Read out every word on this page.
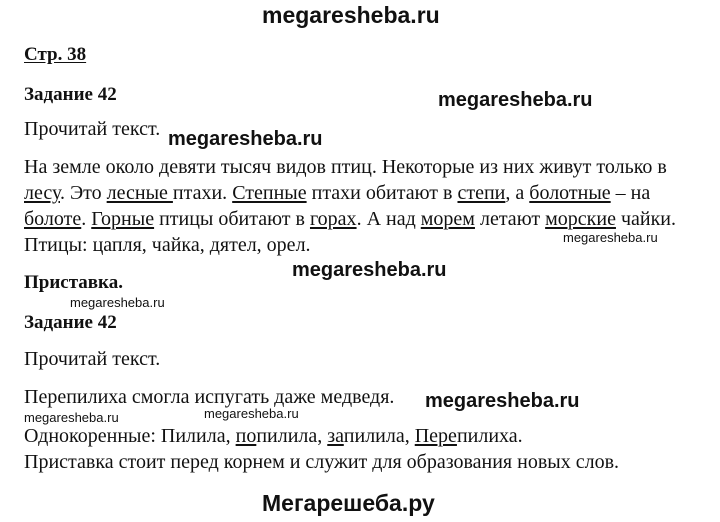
megaresheba.ru
Стр. 38
Задание 42	megaresheba.ru
Прочитай текст. megaresheba.ru
На земле около девяти тысяч видов птиц. Некоторые из них живут только в
лесу. Это лесные птахи. Степные птахи обитают в степи, а болотные – на
болоте. Горные птицы обитают в горах. А над морем летают морские чайки.
Птицы: цапля, чайка, дятел, орел.	megaresheba.ru
megaresheba.ru
Приставка.
megaresheba.ru
Задание 42
Прочитай текст.
Перепилиха смогла испугать даже медведя. megaresheba.ru
megaresheba.ru	megaresheba.ru
Однокоренные: Пилила, попилила, запилила, Перепилиха.
Приставка стоит перед корнем и служит для образования новых слов.
Мегарешеба.ру
